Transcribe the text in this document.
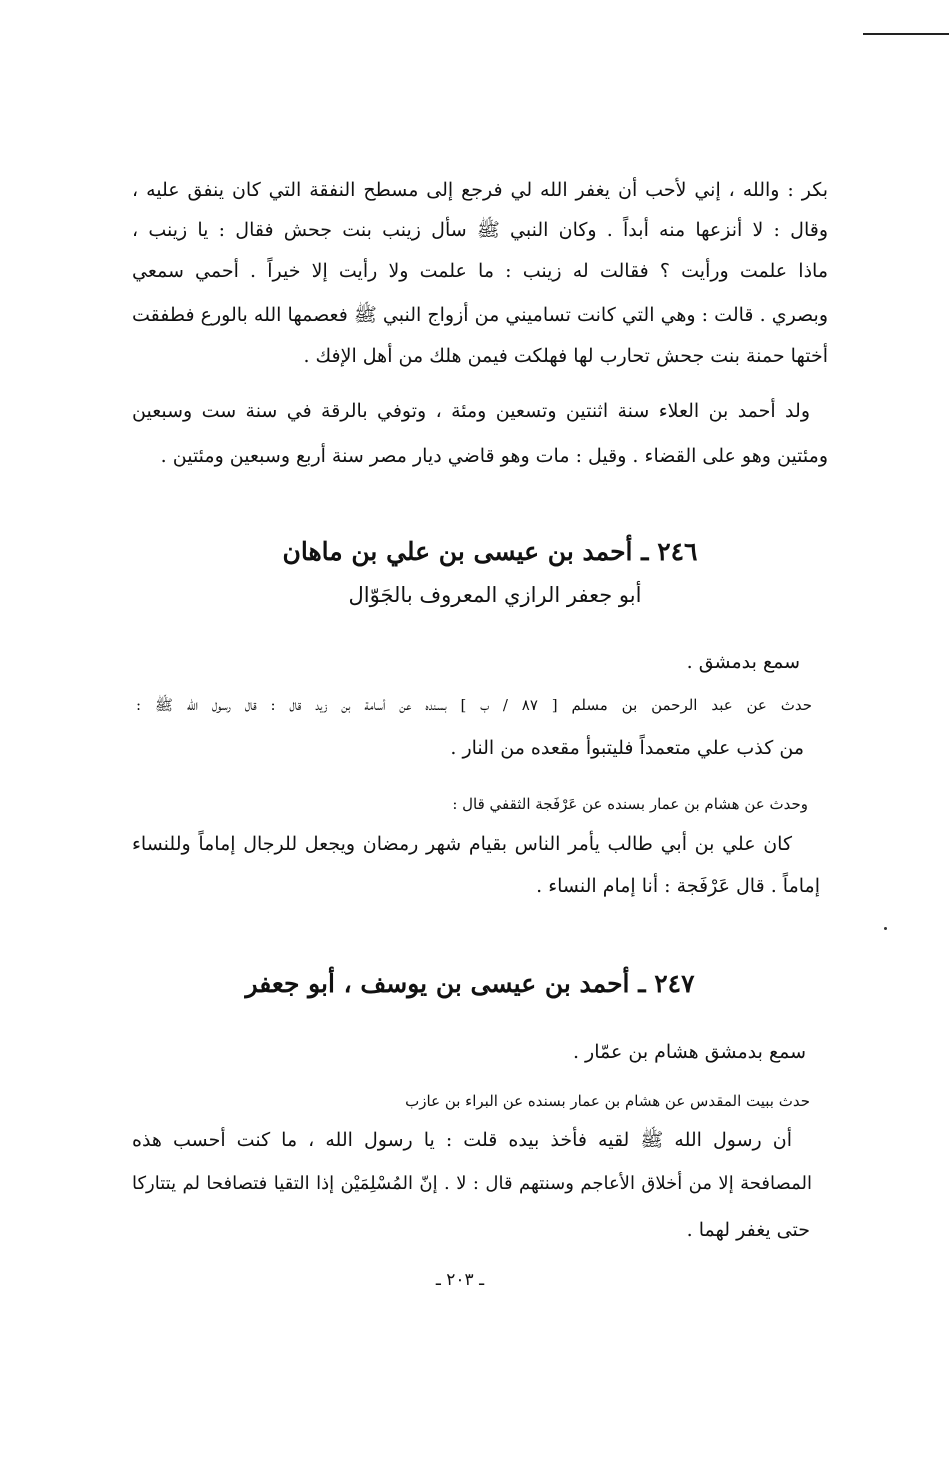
بكر : والله ، إني لأحب أن يغفر الله لي فرجع إلى مسطح النفقة التي كان ينفق عليه ،
وقال : لا أنزعها منه أبداً . وكان النبي ﷺ سأل زينب بنت جحش فقال : يا زينب ،
ماذا علمت ورأيت ؟ فقالت له زينب : ما علمت ولا رأيت إلا خيراً . أحمي سمعي
وبصري . قالت : وهي التي كانت تساميني من أزواج النبي ﷺ فعصمها الله بالورع فطفقت
أختها حمنة بنت جحش تحارب لها فهلكت فيمن هلك من أهل الإفك .
ولد أحمد بن العلاء سنة اثنتين وتسعين ومئة ، وتوفي بالرقة في سنة ست وسبعين
ومئتين وهو على القضاء . وقيل : مات وهو قاضي ديار مصر سنة أربع وسبعين ومئتين .
٢٤٦ ـ أحمد بن عيسى بن علي بن ماهان
أبو جعفر الرازي المعروف بالجَوّال
سمع بدمشق .
حدث عن عبد الرحمن بن مسلم [ ٨٧ / ب ] بسنده عن أسامة بن زيد قال : قال رسول الله ﷺ :
من كذب علي متعمداً فليتبوأ مقعده من النار .
وحدث عن هشام بن عمار بسنده عن عَرْفَجة الثقفي قال :
كان علي بن أبي طالب يأمر الناس بقيام شهر رمضان ويجعل للرجال إماماً وللنساء
إماماً . قال عَرْفَجة : أنا إمام النساء .
٢٤٧ ـ أحمد بن عيسى بن يوسف ، أبو جعفر
سمع بدمشق هشام بن عمّار .
حدث ببيت المقدس عن هشام بن عمار بسنده عن البراء بن عازب
أن رسول الله ﷺ لقيه فأخذ بيده قلت : يا رسول الله ، ما كنت أحسب هذه
المصافحة إلا من أخلاق الأعاجم وسنتهم قال : لا . إنّ المُسْلِمَيْن إذا التقيا فتصافحا لم يتتاركا
حتى يغفر لهما .
ـ ٢٠٣ ـ
